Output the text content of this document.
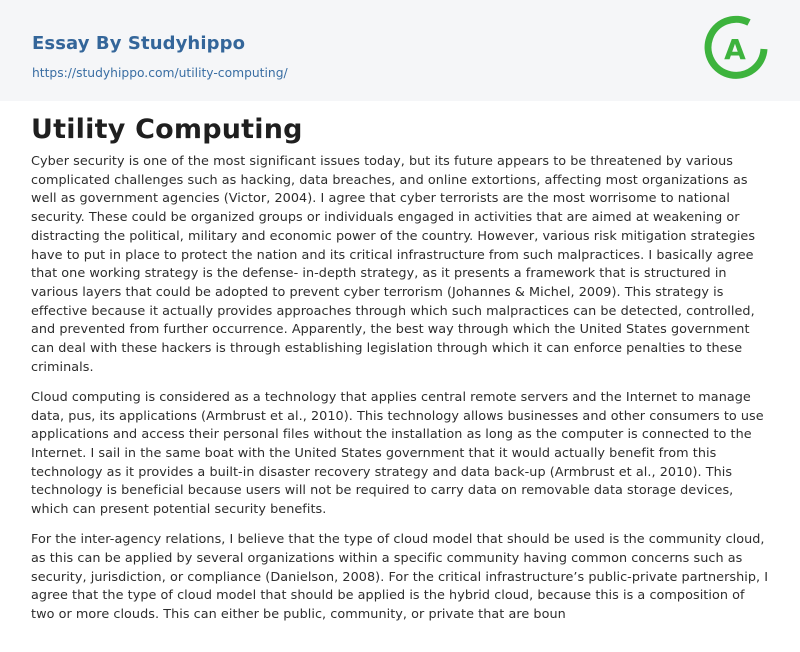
Essay By Studyhippo
https://studyhippo.com/utility-computing/
A
Utility Computing

Cyber security is one of the most significant issues today, but its future appears to be threatened by various complicated challenges such as hacking, data breaches, and online extortions, affecting most organizations as well as government agencies (Victor, 2004). I agree that cyber terrorists are the most worrisome to national security. These could be organized groups or individuals engaged in activities that are aimed at weakening or distracting the political, military and economic power of the country. However, various risk mitigation strategies have to put in place to protect the nation and its critical infrastructure from such malpractices. I basically agree that one working strategy is the defense- in-depth strategy, as it presents a framework that is structured in various layers that could be adopted to prevent cyber terrorism (Johannes & Michel, 2009). This strategy is effective because it actually provides approaches through which such malpractices can be detected, controlled, and prevented from further occurrence. Apparently, the best way through which the United States government can deal with these hackers is through establishing legislation through which it can enforce penalties to these criminals.

Cloud computing is considered as a technology that applies central remote servers and the Internet to manage data, pus, its applications (Armbrust et al., 2010). This technology allows businesses and other consumers to use applications and access their personal files without the installation as long as the computer is connected to the Internet. I sail in the same boat with the United States government that it would actually benefit from this technology as it provides a built-in disaster recovery strategy and data back-up (Armbrust et al., 2010). This technology is beneficial because users will not be required to carry data on removable data storage devices, which can present potential security benefits.

For the inter-agency relations, I believe that the type of cloud model that should be used is the community cloud, as this can be applied by several organizations within a specific community having common concerns such as security, jurisdiction, or compliance (Danielson, 2008). For the critical infrastructure’s public-private partnership, I agree that the type of cloud model that should be applied is the hybrid cloud, because this is a composition of two or more clouds. This can either be public, community, or private that are boun
